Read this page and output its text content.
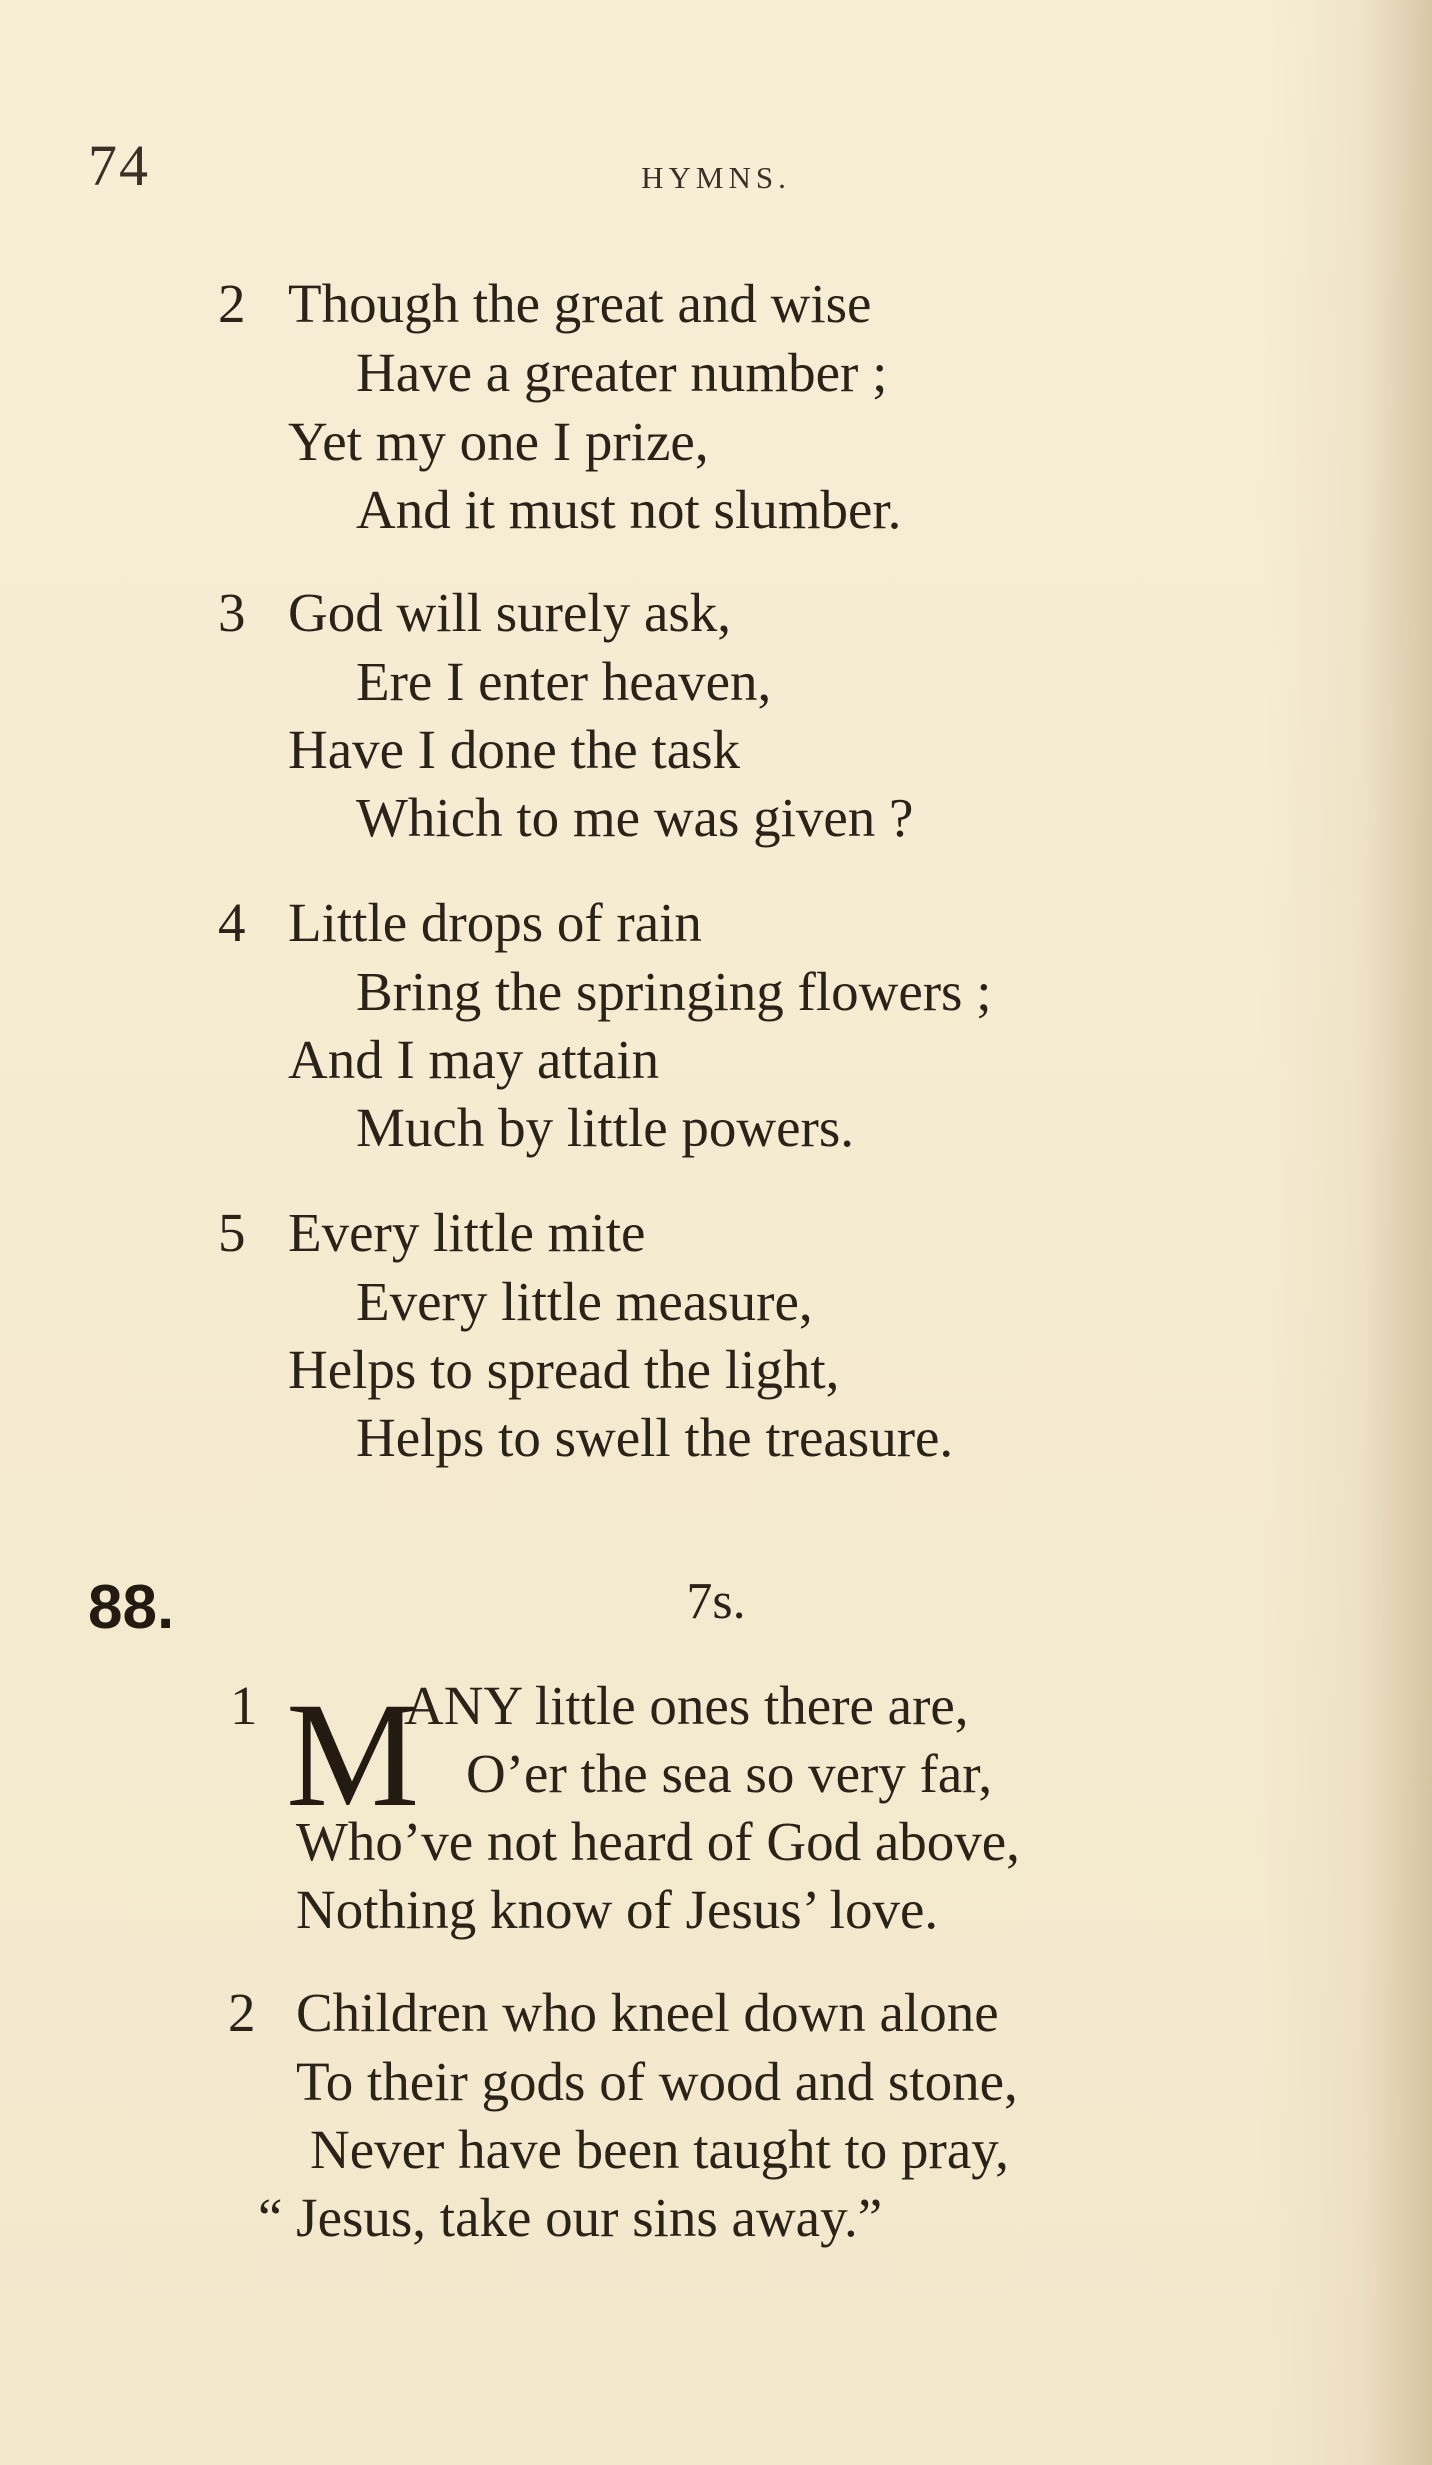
74	HYMNS.
2 Though the great and wise
Have a greater number ;
Yet my one I prize,
And it must not slumber.
3 God will surely ask,
Ere I enter heaven,
Have I done the task
Which to me was given ?
4 Little drops of rain
Bring the springing flowers ;
And I may attain
Much by little powers.
5 Every little mite
Every little measure,
Helps to spread the light,
Helps to swell the treasure.
88.	7s.
1 M
ANY little ones there are,
O’er the sea so very far,
Who’ve not heard of God above,
Nothing know of Jesus’ love.
2 Children who kneel down alone
To their gods of wood and stone,
Never have been taught to pray,
“ Jesus, take our sins away.”
